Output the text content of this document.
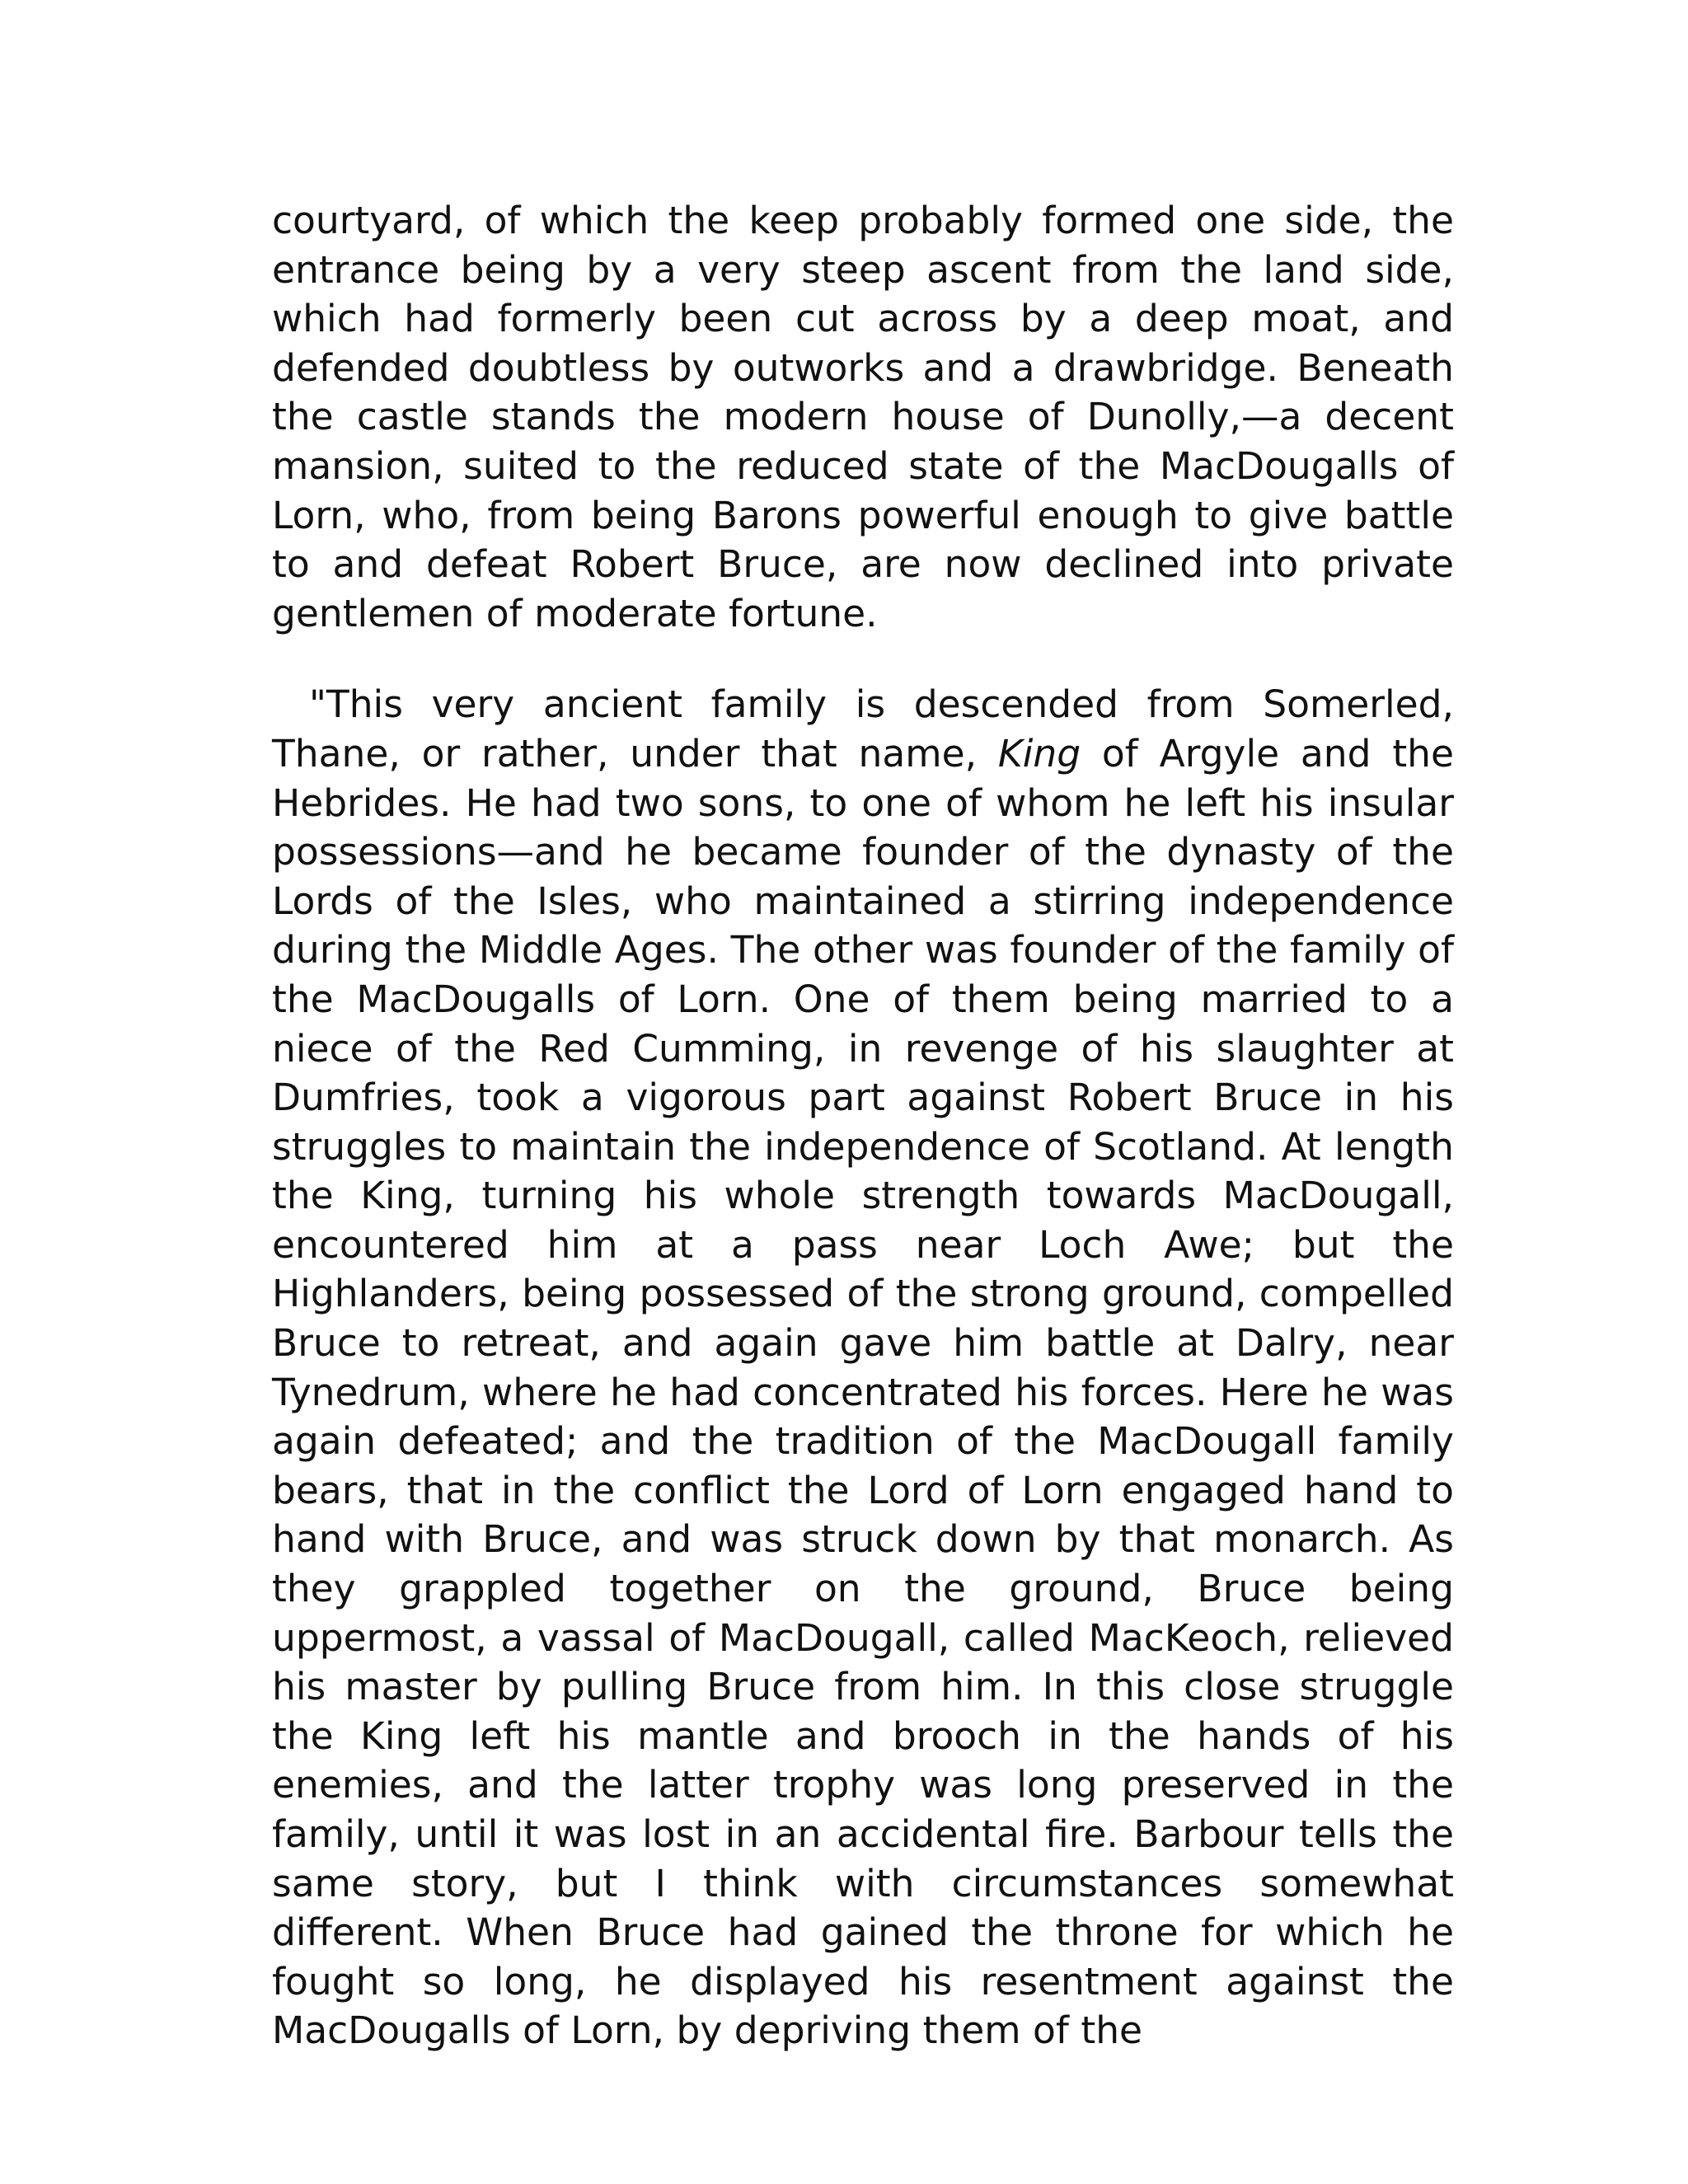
courtyard, of which the keep probably formed one side, the entrance being by a very steep ascent from the land side, which had formerly been cut across by a deep moat, and defended doubtless by outworks and a drawbridge. Beneath the castle stands the modern house of Dunolly,—a decent mansion, suited to the reduced state of the MacDougalls of Lorn, who, from being Barons powerful enough to give battle to and defeat Robert Bruce, are now declined into private gentlemen of moderate fortune.

"This very ancient family is descended from Somerled, Thane, or rather, under that name, King of Argyle and the Hebrides. He had two sons, to one of whom he left his insular possessions—and he became founder of the dynasty of the Lords of the Isles, who maintained a stirring independence during the Middle Ages. The other was founder of the family of the MacDougalls of Lorn. One of them being married to a niece of the Red Cumming, in revenge of his slaughter at Dumfries, took a vigorous part against Robert Bruce in his struggles to maintain the independence of Scotland. At length the King, turning his whole strength towards MacDougall, encountered him at a pass near Loch Awe; but the Highlanders, being possessed of the strong ground, compelled Bruce to retreat, and again gave him battle at Dalry, near Tynedrum, where he had concentrated his forces. Here he was again defeated; and the tradition of the MacDougall family bears, that in the conflict the Lord of Lorn engaged hand to hand with Bruce, and was struck down by that monarch. As they grappled together on the ground, Bruce being uppermost, a vassal of MacDougall, called MacKeoch, relieved his master by pulling Bruce from him. In this close struggle the King left his mantle and brooch in the hands of his enemies, and the latter trophy was long preserved in the family, until it was lost in an accidental fire. Barbour tells the same story, but I think with circumstances somewhat different. When Bruce had gained the throne for which he fought so long, he displayed his resentment against the MacDougalls of Lorn, by depriving them of the
